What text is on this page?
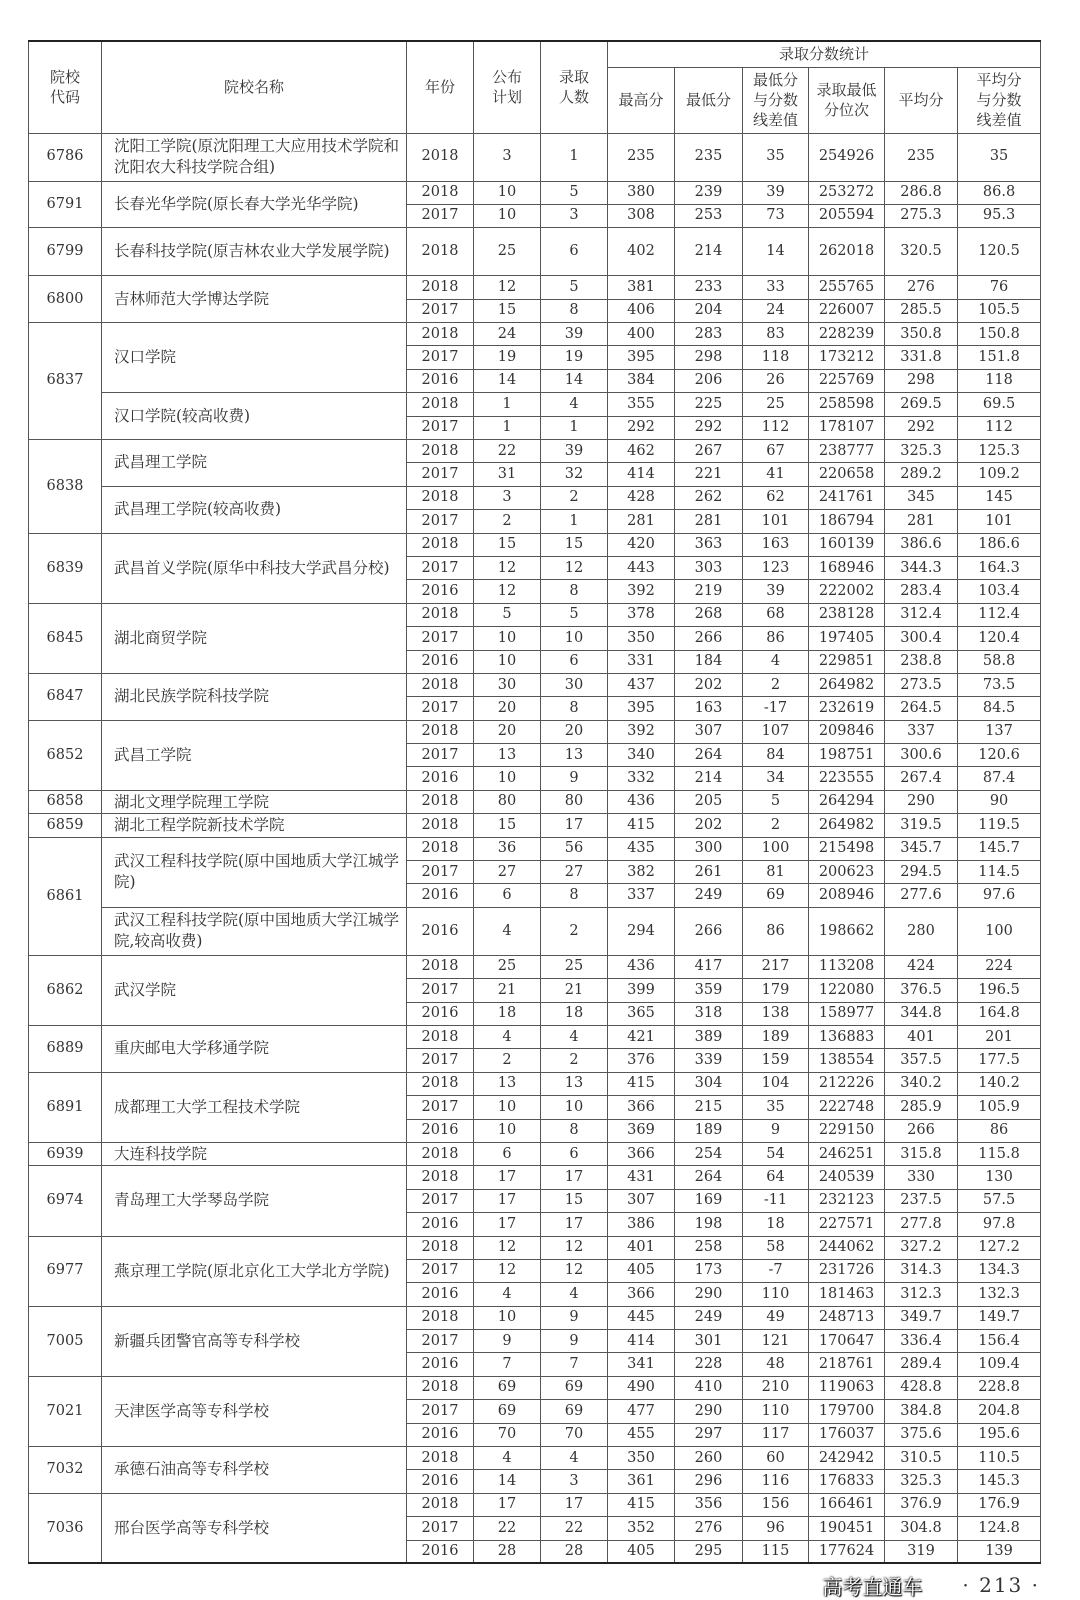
院校代码	院校名称	年份	公布计划	录取人数	录取分数统计					
					最高分	最低分	最低分与分数线差值	录取最低分位次	平均分	平均分与分数线差值
6786	沈阳工学院(原沈阳理工大应用技术学院和沈阳农大科技学院合组)	2018	3	1	235	235	35	254926	235	35
6791	长春光华学院(原长春大学光华学院)	2018	10	5	380	239	39	253272	286.8	86.8
		2017	10	3	308	253	73	205594	275.3	95.3
6799	长春科技学院(原吉林农业大学发展学院)	2018	25	6	402	214	14	262018	320.5	120.5
6800	吉林师范大学博达学院	2018	12	5	381	233	33	255765	276	76
		2017	15	8	406	204	24	226007	285.5	105.5
6837	汉口学院	2018	24	39	400	283	83	228239	350.8	150.8
		2017	19	19	395	298	118	173212	331.8	151.8
		2016	14	14	384	206	26	225769	298	118
	汉口学院(较高收费)	2018	1	4	355	225	25	258598	269.5	69.5
		2017	1	1	292	292	112	178107	292	112
6838	武昌理工学院	2018	22	39	462	267	67	238777	325.3	125.3
		2017	31	32	414	221	41	220658	289.2	109.2
	武昌理工学院(较高收费)	2018	3	2	428	262	62	241761	345	145
		2017	2	1	281	281	101	186794	281	101
6839	武昌首义学院(原华中科技大学武昌分校)	2018	15	15	420	363	163	160139	386.6	186.6
		2017	12	12	443	303	123	168946	344.3	164.3
		2016	12	8	392	219	39	222002	283.4	103.4
6845	湖北商贸学院	2018	5	5	378	268	68	238128	312.4	112.4
		2017	10	10	350	266	86	197405	300.4	120.4
		2016	10	6	331	184	4	229851	238.8	58.8
6847	湖北民族学院科技学院	2018	30	30	437	202	2	264982	273.5	73.5
		2017	20	8	395	163	-17	232619	264.5	84.5
6852	武昌工学院	2018	20	20	392	307	107	209846	337	137
		2017	13	13	340	264	84	198751	300.6	120.6
		2016	10	9	332	214	34	223555	267.4	87.4
6858	湖北文理学院理工学院	2018	80	80	436	205	5	264294	290	90
6859	湖北工程学院新技术学院	2018	15	17	415	202	2	264982	319.5	119.5
6861	武汉工程科技学院(原中国地质大学江城学院)	2018	36	56	435	300	100	215498	345.7	145.7
		2017	27	27	382	261	81	200623	294.5	114.5
		2016	6	8	337	249	69	208946	277.6	97.6
	武汉工程科技学院(原中国地质大学江城学院,较高收费)	2016	4	2	294	266	86	198662	280	100
6862	武汉学院	2018	25	25	436	417	217	113208	424	224
		2017	21	21	399	359	179	122080	376.5	196.5
		2016	18	18	365	318	138	158977	344.8	164.8
6889	重庆邮电大学移通学院	2018	4	4	421	389	189	136883	401	201
		2017	2	2	376	339	159	138554	357.5	177.5
6891	成都理工大学工程技术学院	2018	13	13	415	304	104	212226	340.2	140.2
		2017	10	10	366	215	35	222748	285.9	105.9
		2016	10	8	369	189	9	229150	266	86
6939	大连科技学院	2018	6	6	366	254	54	246251	315.8	115.8
6974	青岛理工大学琴岛学院	2018	17	17	431	264	64	240539	330	130
		2017	17	15	307	169	-11	232123	237.5	57.5
		2016	17	17	386	198	18	227571	277.8	97.8
6977	燕京理工学院(原北京化工大学北方学院)	2018	12	12	401	258	58	244062	327.2	127.2
		2017	12	12	405	173	-7	231726	314.3	134.3
		2016	4	4	366	290	110	181463	312.3	132.3
7005	新疆兵团警官高等专科学校	2018	10	9	445	249	49	248713	349.7	149.7
		2017	9	9	414	301	121	170647	336.4	156.4
		2016	7	7	341	228	48	218761	289.4	109.4
7021	天津医学高等专科学校	2018	69	69	490	410	210	119063	428.8	228.8
		2017	69	69	477	290	110	179700	384.8	204.8
		2016	70	70	455	297	117	176037	375.6	195.6
7032	承德石油高等专科学校	2018	4	4	350	260	60	242942	310.5	110.5
		2016	14	3	361	296	116	176833	325.3	145.3
7036	邢台医学高等专科学校	2018	17	17	415	356	156	166461	376.9	176.9
		2017	22	22	352	276	96	190451	304.8	124.8
		2016	28	28	405	295	115	177624	319	139
高考直通车 · 213 ·
